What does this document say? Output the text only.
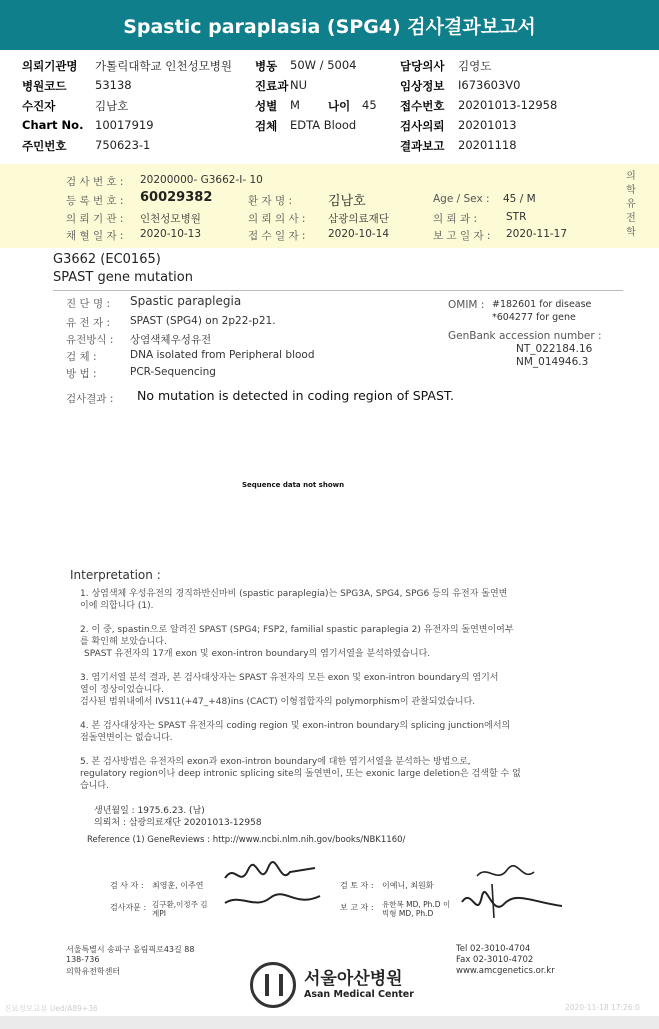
Spastic paraplasia (SPG4) 검사결과보고서
의뢰기관명 가톨릭대학교 인천성모병원 병동 50W / 5004	담당의사 김영도
병원코드 53138	진료과 NU	임상정보 I673603V0
수진자	김남호	성별 M 나이 45 접수번호 20201013-12958
Chart No. 10017919	검체 EDTA Blood	검사의뢰 20201013
주민번호 750623-1	결과보고 20201118
의학유전학
검 사 번 호 : 20200000- G3662-I- 10
등 록 번 호 : 60029382	환 자 명 :	김남호	Age / Sex : 45 / M
의 뢰 기 관 : 인천성모병원	의 뢰 의 사 : 삼광의료재단	의 뢰 과 :	STR
채 혈 일 자 : 2020-10-13	접 수 일 자 : 2020-10-14	보 고 일 자 : 2020-11-17
G3662 (EC0165)
SPAST gene mutation
진 단 명 : Spastic paraplegia
유 전 자 : SPAST (SPG4) on 2p22-p21.
유전방식 : 상염색체우성유전
검 체 :	DNA isolated from Peripheral blood
방 법 :	PCR-Sequencing
OMIM : #182601 for disease
*604277 for gene
GenBank accession number :
NT_022184.16
NM_014946.3
검사결과 : No mutation is detected in coding region of SPAST.
Sequence data not shown
Interpretation :

1. 상염색체 우성유전의 경직하반신마비 (spastic paraplegia)는 SPG3A, SPG4, SPG6 등의 유전자 돌연변

이에 의합니다 (1).

2. 이 중, spastin으로 알려진 SPAST (SPG4; FSP2, familial spastic paraplegia 2) 유전자의 돌연변이여부

를 확인해 보았습니다.

SPAST 유전자의 17개 exon 및 exon-intron boundary의 염기서열을 분석하였습니다.

3. 염기서열 분석 결과, 본 검사대상자는 SPAST 유전자의 모든 exon 및 exon-intron boundary의 염기서

열이 정상이었습니다.

검사된 범위내에서 IVS11(+47_+48)ins (CACT) 이형접합자의 polymorphism이 관찰되었습니다.

4. 본 검사대상자는 SPAST 유전자의 coding region 및 exon-intron boundary의 splicing junction에서의

점돌연변이는 없습니다.

5. 본 검사방법은 유전자의 exon과 exon-intron boundary에 대한 염기서열을 분석하는 방법으로,

regulatory region이나 deep intronic splicing site의 돌연변이, 또는 exonic large deletion은 검색할 수 없

습니다.

생년월일 : 1975.6.23. (남)
의뢰처 : 삼광의료재단 20201013-12958
Reference (1) GeneReviews : http://www.ncbi.nlm.nih.gov/books/NBK1160/
검 사 자 : 최영훈, 이주연
검사자문 : 김구환,이정주 김계PI
검 토 자 : 이예니, 최원화
보 고 자 : 유한복 MD, Ph.D 이빅형 MD, Ph.D
서울특별시 송파구 올림픽로43길 88
138-736
의학유전학센터	서울아산병원
Asan Medical Center
Tel 02-3010-4704
Fax 02-3010-4702
www.amcgenetics.or.kr
진료정보교류 Ued/A89+36	2020-11-18 17:26:0
